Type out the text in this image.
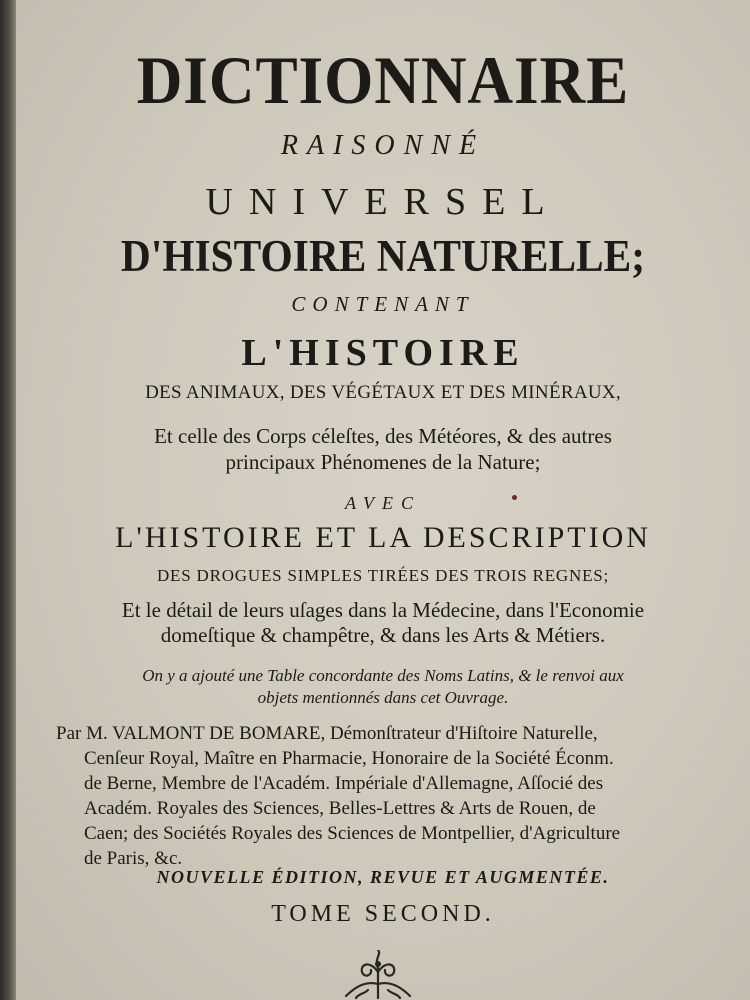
DICTIONNAIRE
RAISONNÉ
UNIVERSEL
D'HISTOIRE NATURELLE;
CONTENANT
L'HISTOIRE
DES ANIMAUX, DES VÉGÉTAUX ET DES MINÉRAUX,
Et celle des Corps céleſtes, des Météores, & des autres
principaux Phénomenes de la Nature;
AVEC
L'HISTOIRE ET LA DESCRIPTION
DES DROGUES SIMPLES TIRÉES DES TROIS REGNES;
Et le détail de leurs uſages dans la Médecine, dans l'Economie
domeſtique & champêtre, & dans les Arts & Métiers.
On y a ajouté une Table concordante des Noms Latins, & le renvoi aux
objets mentionnés dans cet Ouvrage.
Par M. VALMONT DE BOMARE, Démonſtrateur d'Hiſtoire Naturelle,
Cenſeur Royal, Maître en Pharmacie, Honoraire de la Société Éconm.
de Berne, Membre de l'Académ. Impériale d'Allemagne, Aſſocié des
Académ. Royales des Sciences, Belles-Lettres & Arts de Rouen, de
Caen; des Sociétés Royales des Sciences de Montpellier, d'Agriculture
de Paris, &c.
NOUVELLE ÉDITION, REVUE ET AUGMENTÉE.
TOME SECOND.
